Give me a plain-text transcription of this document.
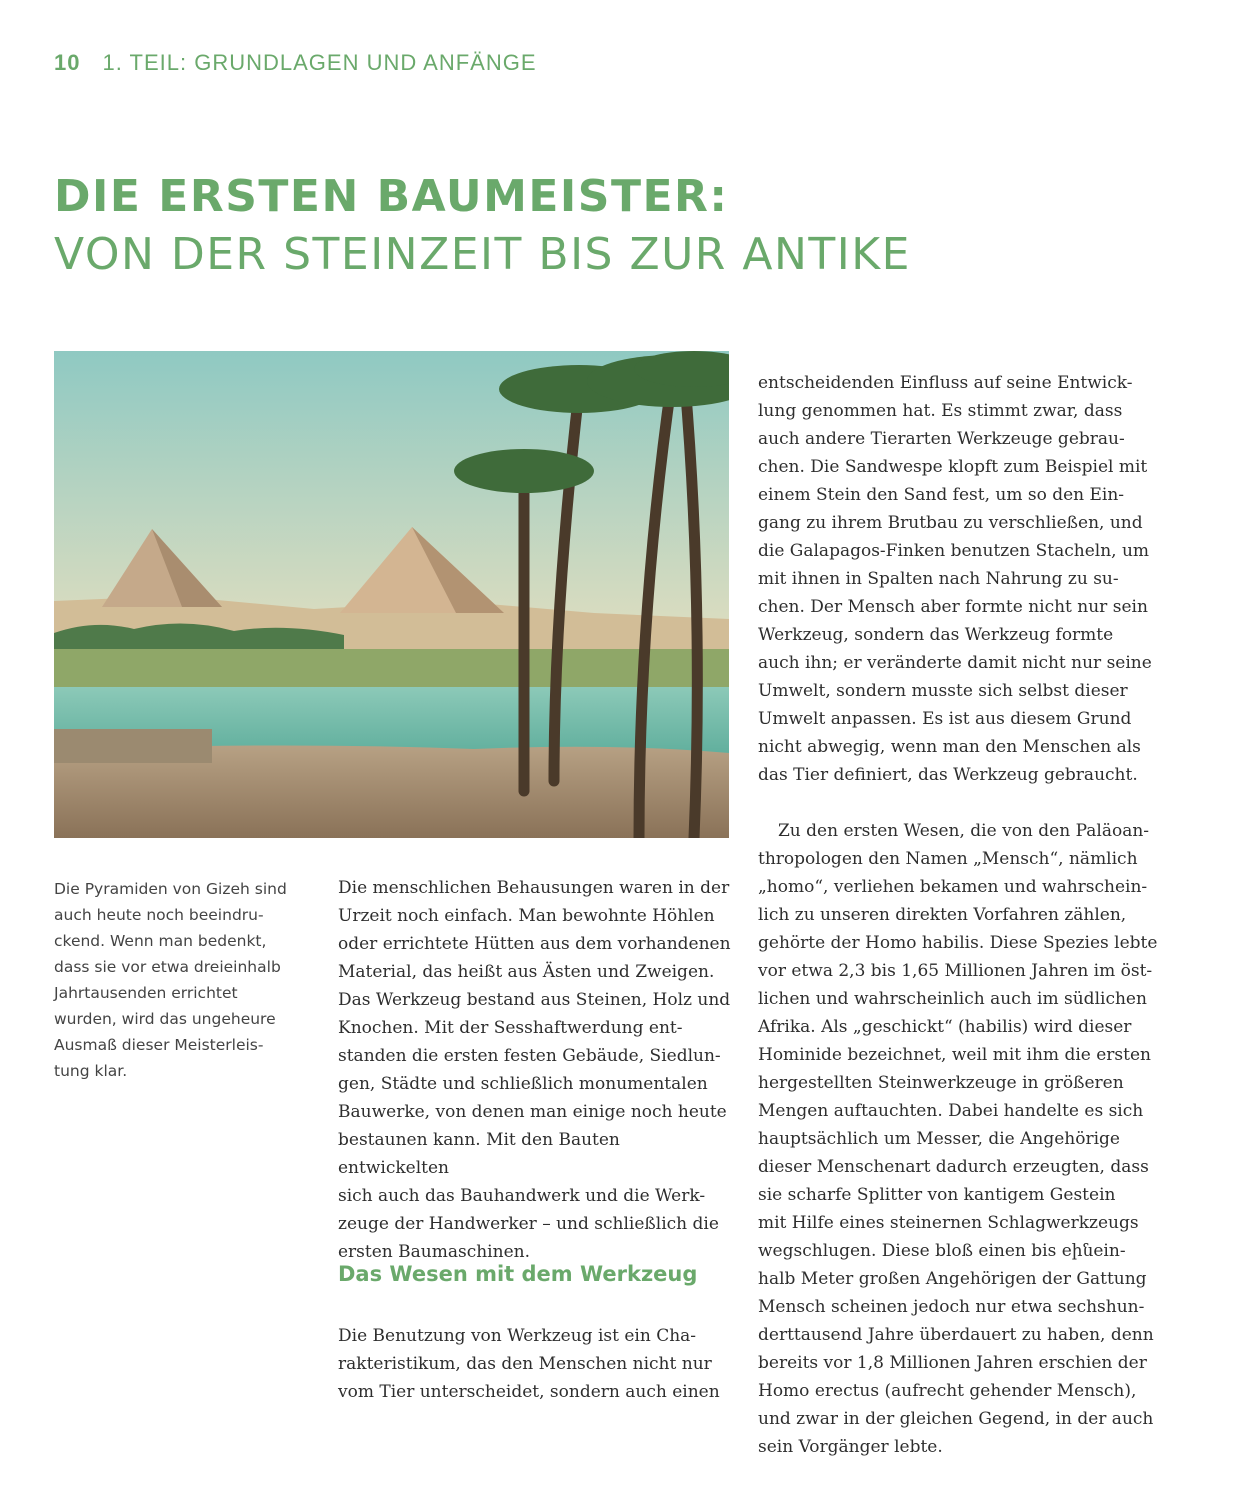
10 1. TEIL: GRUNDLAGEN UND ANFÄNGE
DIE ERSTEN BAUMEISTER:
VON DER STEINZEIT BIS ZUR ANTIKE

Die Pyramiden von Gizeh sind
auch heute noch beeindru-
ckend. Wenn man bedenkt,
dass sie vor etwa dreieinhalb
Jahrtausenden errichtet
wurden, wird das ungeheure
Ausmaß dieser Meisterleis-
tung klar.

Die menschlichen Behausungen waren in der
Urzeit noch einfach. Man bewohnte Höhlen
oder errichtete Hütten aus dem vorhandenen
Material, das heißt aus Ästen und Zweigen.
Das Werkzeug bestand aus Steinen, Holz und
Knochen. Mit der Sesshaftwerdung ent-
standen die ersten festen Gebäude, Siedlun-
gen, Städte und schließlich monumentalen
Bauwerke, von denen man einige noch heute
bestaunen kann. Mit den Bauten entwickelten
sich auch das Bauhandwerk und die Werk-
zeuge der Handwerker – und schließlich die
ersten Baumaschinen.

Das Wesen mit dem Werkzeug

Die Benutzung von Werkzeug ist ein Cha-
rakteristikum, das den Menschen nicht nur
vom Tier unterscheidet, sondern auch einen

entscheidenden Einfluss auf seine Entwick-
lung genommen hat. Es stimmt zwar, dass
auch andere Tierarten Werkzeuge gebrau-
chen. Die Sandwespe klopft zum Beispiel mit
einem Stein den Sand fest, um so den Ein-
gang zu ihrem Brutbau zu verschließen, und
die Galapagos-Finken benutzen Stacheln, um
mit ihnen in Spalten nach Nahrung zu su-
chen. Der Mensch aber formte nicht nur sein
Werkzeug, sondern das Werkzeug formte
auch ihn; er veränderte damit nicht nur seine
Umwelt, sondern musste sich selbst dieser
Umwelt anpassen. Es ist aus diesem Grund
nicht abwegig, wenn man den Menschen als
das Tier definiert, das Werkzeug gebraucht.

Zu den ersten Wesen, die von den Paläoan-
thropologen den Namen „Mensch“, nämlich
„homo“, verliehen bekamen und wahrschein-
lich zu unseren direkten Vorfahren zählen,
gehörte der Homo habilis. Diese Spezies lebte
vor etwa 2,3 bis 1,65 Millionen Jahren im öst-
lichen und wahrscheinlich auch im südlichen
Afrika. Als „geschickt“ (habilis) wird dieser
Hominide bezeichnet, weil mit ihm die ersten
hergestellten Steinwerkzeuge in größeren
Mengen auftauchten. Dabei handelte es sich
hauptsächlich um Messer, die Angehörige
dieser Menschenart dadurch erzeugten, dass
sie scharfe Splitter von kantigem Gestein
mit Hilfe eines steinernen Schlagwerkzeugs
wegschlugen. Diese bloß einen bis eինein-
halb Meter großen Angehörigen der Gattung
Mensch scheinen jedoch nur etwa sechshun-
derttausend Jahre überdauert zu haben, denn
bereits vor 1,8 Millionen Jahren erschien der
Homo erectus (aufrecht gehender Mensch),
und zwar in der gleichen Gegend, in der auch
sein Vorgänger lebte.
